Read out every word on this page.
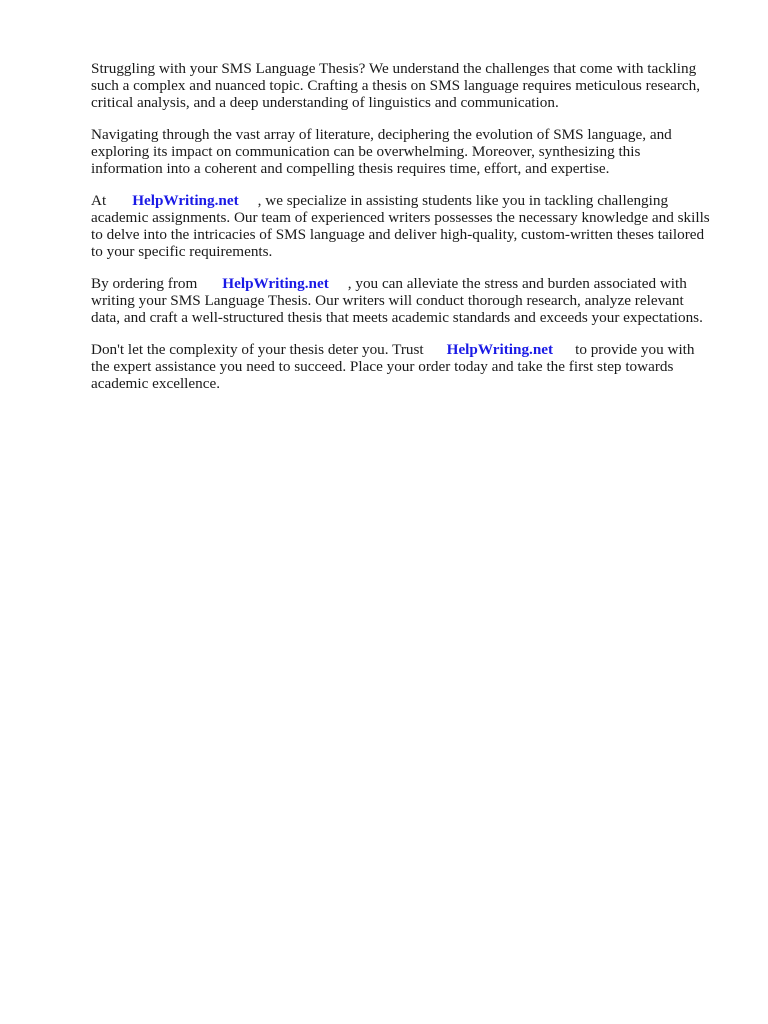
Struggling with your SMS Language Thesis? We understand the challenges that come with tackling
such a complex and nuanced topic. Crafting a thesis on SMS language requires meticulous research,
critical analysis, and a deep understanding of linguistics and communication.

Navigating through the vast array of literature, deciphering the evolution of SMS language, and
exploring its impact on communication can be overwhelming. Moreover, synthesizing this
information into a coherent and compelling thesis requires time, effort, and expertise.

At HelpWriting.net , we specialize in assisting students like you in tackling challenging
academic assignments. Our team of experienced writers possesses the necessary knowledge and skills
to delve into the intricacies of SMS language and deliver high-quality, custom-written theses tailored
to your specific requirements.

By ordering from HelpWriting.net , you can alleviate the stress and burden associated with
writing your SMS Language Thesis. Our writers will conduct thorough research, analyze relevant
data, and craft a well-structured thesis that meets academic standards and exceeds your expectations.

Don't let the complexity of your thesis deter you. Trust HelpWriting.net to provide you with
the expert assistance you need to succeed. Place your order today and take the first step towards
academic excellence.
